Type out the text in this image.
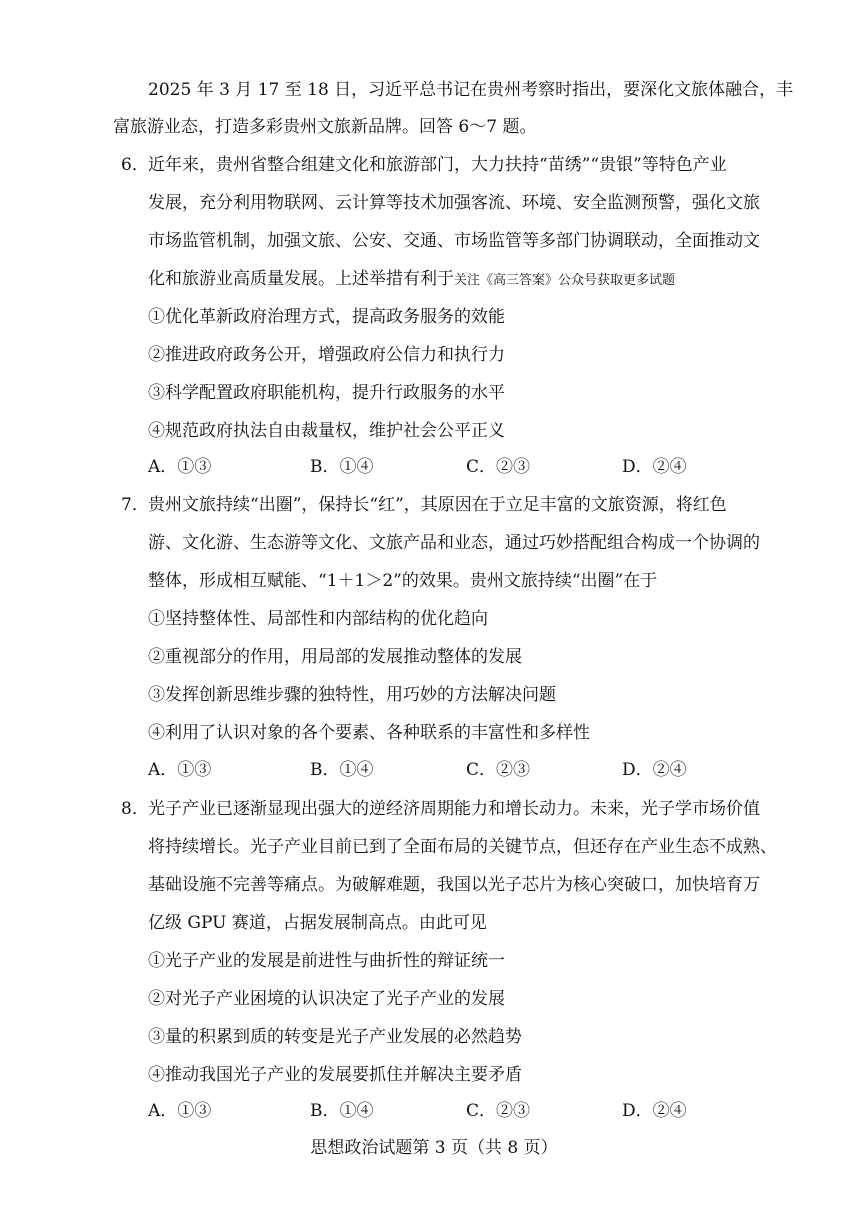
2025 年 3 月 17 至 18 日，习近平总书记在贵州考察时指出，要深化文旅体融合，丰
富旅游业态，打造多彩贵州文旅新品牌。回答 6～7 题。
6． 近年来，贵州省整合组建文化和旅游部门，大力扶持“苗绣”“贵银”等特色产业
发展，充分利用物联网、云计算等技术加强客流、环境、安全监测预警，强化文旅
市场监管机制，加强文旅、公安、交通、市场监管等多部门协调联动，全面推动文
化和旅游业高质量发展。上述举措有利于关注《高三答案》公众号获取更多试题
①优化革新政府治理方式，提高政务服务的效能
②推进政府政务公开，增强政府公信力和执行力
③科学配置政府职能机构，提升行政服务的水平
④规范政府执法自由裁量权，维护社会公平正义
A．①③	B．①④	C．②③	D．②④
7． 贵州文旅持续“出圈”，保持长“红”，其原因在于立足丰富的文旅资源，将红色
游、文化游、生态游等文化、文旅产品和业态，通过巧妙搭配组合构成一个协调的
整体，形成相互赋能、“1＋1＞2”的效果。贵州文旅持续“出圈”在于
①坚持整体性、局部性和内部结构的优化趋向
②重视部分的作用，用局部的发展推动整体的发展
③发挥创新思维步骤的独特性，用巧妙的方法解决问题
④利用了认识对象的各个要素、各种联系的丰富性和多样性
A．①③	B．①④	C．②③	D．②④
8． 光子产业已逐渐显现出强大的逆经济周期能力和增长动力。未来，光子学市场价值
将持续增长。光子产业目前已到了全面布局的关键节点，但还存在产业生态不成熟、
基础设施不完善等痛点。为破解难题，我国以光子芯片为核心突破口，加快培育万
亿级 GPU 赛道，占据发展制高点。由此可见
①光子产业的发展是前进性与曲折性的辩证统一
②对光子产业困境的认识决定了光子产业的发展
③量的积累到质的转变是光子产业发展的必然趋势
④推动我国光子产业的发展要抓住并解决主要矛盾
A．①③	B．①④	C．②③	D．②④
思想政治试题第 3 页（共 8 页）
